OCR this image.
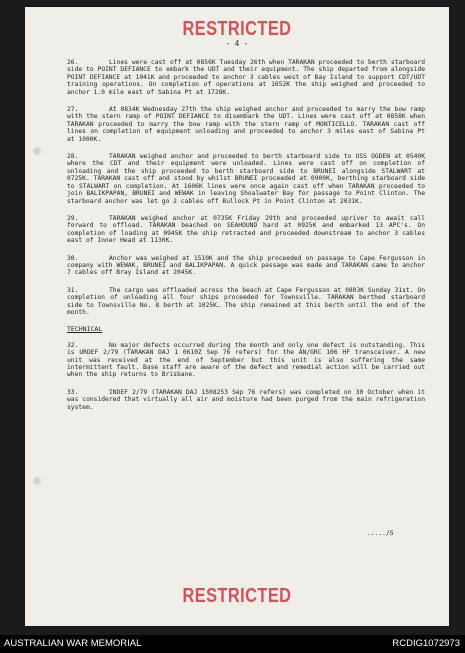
RESTRICTED
- 4 -

26.	Lines were cast off at 0856K Tuesday 26th when TARAKAN proceeded to berth starboard side to POINT DEFIANCE to embark the UDT and their equipment. The ship departed from alongside POINT DEFIANCE at 1041K and proceeded to anchor 3 cables west of Bay Island to support CDT/UDT training operations. On completion of operations at 1652K the ship weighed and proceeded to anchor 1.0 mile east of Sabina Pt at 1728K.

27.	At 0834K Wednesday 27th the ship weighed anchor and proceeded to marry the bow ramp with the stern ramp of POINT DEFIANCE to disembark the UDT. Lines were cast off at 0858K when TARAKAN proceeded to marry the bow ramp with the stern ramp of MONTICELLO. TARAKAN cast off lines on completion of equipment unloading and proceeded to anchor 3 miles east of Sabina Pt at 1000K.

28.	TARAKAN weighed anchor and proceeded to berth starboard side to USS OGDEN at 0540K where the CDT and their equipment were unloaded. Lines were cast off on completion of unloading and the ship proceeded to berth starboard side to BRUNEI alongside STALWART at 0725K. TARAKAN cast off and stood by whilst BRUNEI proceeded at 0900K, berthing starboard side to STALWART on completion. At 1606K lines were once again cast off when TARAKAN proceeded to join BALIKPAPAN, BRUNEI and WEWAK in leaving Shoalwater Bay for passage to Point Clinton. The starboard anchor was let go 2 cables off Bullock Pt in Point Clinton at 2031K.

29.	TARAKAN weighed anchor at 0735K Friday 29th and proceeded upriver to await call forward to offload. TARAKAN beached on SEAHOUND hard at 0925K and embarked 13 APC's. On completion of loading at 0945K the ship retracted and proceeded downstream to anchor 3 cables east of Inner Head at 1130K.

30.	Anchor was weighed at 1510K and the ship proceeded on passage to Cape Fergusson in company with WEWAK, BRUNEI and BALIKPAPAN. A quick passage was made and TARAKAN came to anchor 7 cables off Bray Island at 2045K.

31.	The cargo was offloaded across the beach at Cape Fergusson at 0803K Sunday 31st. On completion of unloading all four ships proceeded for Townsville. TARAKAN berthed starboard side to Townsville No. 8 berth at 1025K. The ship remained at this berth until the end of the month.

TECHNICAL

32.	No major defects occurred during the month and only one defect is outstanding. This is URDEF 2/79 (TARAKAN DAJ 1 0610Z Sep 76 refers) for the AN/GRC 106 HF transceiver. A new unit was received at the end of September but this unit is also suffering the same intermittent fault. Base staff are aware of the defect and remedial action will be carried out when the ship returns to Brisbane.

33.	INDEF 2/79 (TARAKAN DAJ 1508253 Sep 76 refers) was completed on 30 October when it was considered that virtually all air and moisture had been purged from the main refrigeration system.

...../5
RESTRICTED
AUSTRALIAN WAR MEMORIAL	RCDIG1072973
